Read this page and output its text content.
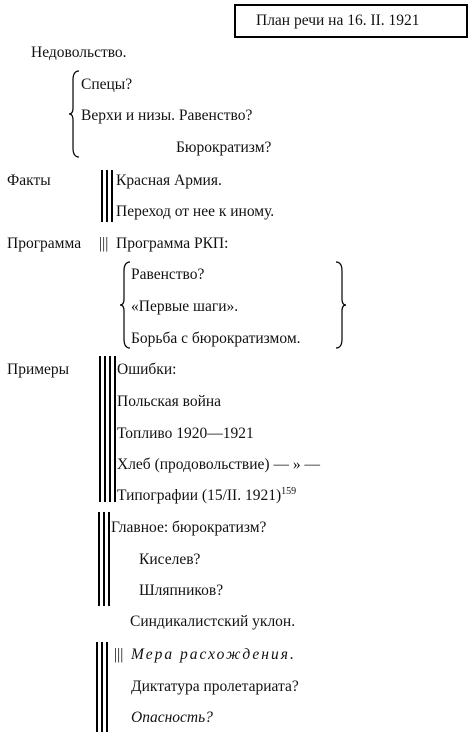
План речи на 16. II. 1921
Недовольство.
Спецы?
Верхи и низы. Равенство?
Бюрократизм?
Факты	Красная Армия.
Переход от нее к иному.
Программа ||| Программа РКП:
Равенство?
«Первые шаги».
Борьба с бюрократизмом.
Примеры	Ошибки:
Польская война
Топливо 1920—1921
Хлеб (продовольствие) — » —
Типографии (15/II. 1921)$^{159}$
Главное: бюрократизм?
Киселев?
Шляпников?
Синдикалистский уклон.
||| Мера расхождения.
Диктатура пролетариата?
Опасность?
